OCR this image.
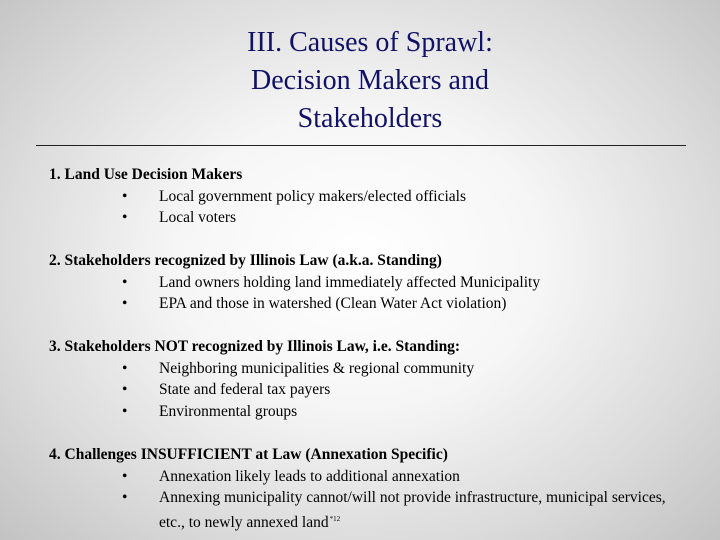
III. Causes of Sprawl:
Decision Makers and
Stakeholders
1. Land Use Decision Makers
•	Local government policy makers/elected officials
•	Local voters
2. Stakeholders recognized by Illinois Law (a.k.a. Standing)
•	Land owners holding land immediately affected Municipality
•	EPA and those in watershed (Clean Water Act violation)
3. Stakeholders NOT recognized by Illinois Law, i.e. Standing:
•	Neighboring municipalities & regional community
•	State and federal tax payers
•	Environmental groups
4. Challenges INSUFFICIENT at Law (Annexation Specific)
•	Annexation likely leads to additional annexation
•	Annexing municipality cannot/will not provide infrastructure, municipal services, etc., to newly annexed land$^{*12}$
